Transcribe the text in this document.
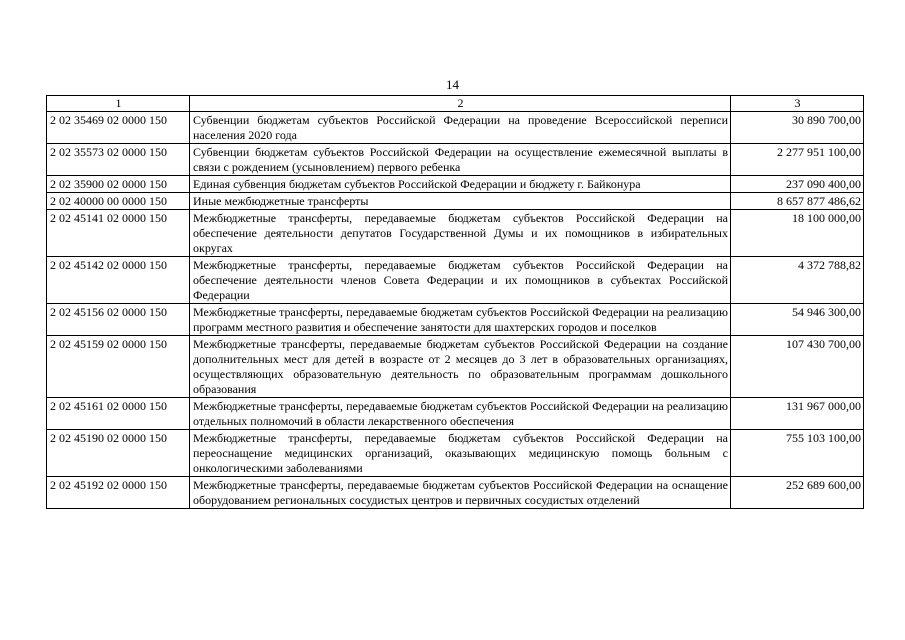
14
1	2	3
2 02 35469 02 0000 150	Субвенции бюджетам субъектов Российской Федерации на проведение Всероссийской переписи населения 2020 года	30 890 700,00
2 02 35573 02 0000 150	Субвенции бюджетам субъектов Российской Федерации на осуществление ежемесячной выплаты в связи с рождением (усыновлением) первого ребенка	2 277 951 100,00
2 02 35900 02 0000 150	Единая субвенция бюджетам субъектов Российской Федерации и бюджету г. Байконура	237 090 400,00
2 02 40000 00 0000 150	Иные межбюджетные трансферты	8 657 877 486,62
2 02 45141 02 0000 150	Межбюджетные трансферты, передаваемые бюджетам субъектов Российской Федерации на обеспечение деятельности депутатов Государственной Думы и их помощников в избирательных округах	18 100 000,00
2 02 45142 02 0000 150	Межбюджетные трансферты, передаваемые бюджетам субъектов Российской Федерации на обеспечение деятельности членов Совета Федерации и их помощников в субъектах Российской Федерации	4 372 788,82
2 02 45156 02 0000 150	Межбюджетные трансферты, передаваемые бюджетам субъектов Российской Федерации на реализацию программ местного развития и обеспечение занятости для шахтерских городов и поселков	54 946 300,00
2 02 45159 02 0000 150	Межбюджетные трансферты, передаваемые бюджетам субъектов Российской Федерации на создание дополнительных мест для детей в возрасте от 2 месяцев до 3 лет в образовательных организациях, осуществляющих образовательную деятельность по образовательным программам дошкольного образования	107 430 700,00
2 02 45161 02 0000 150	Межбюджетные трансферты, передаваемые бюджетам субъектов Российской Федерации на реализацию отдельных полномочий в области лекарственного обеспечения	131 967 000,00
2 02 45190 02 0000 150	Межбюджетные трансферты, передаваемые бюджетам субъектов Российской Федерации на переоснащение медицинских организаций, оказывающих медицинскую помощь больным с онкологическими заболеваниями	755 103 100,00
2 02 45192 02 0000 150	Межбюджетные трансферты, передаваемые бюджетам субъектов Российской Федерации на оснащение оборудованием региональных сосудистых центров и первичных сосудистых отделений	252 689 600,00
